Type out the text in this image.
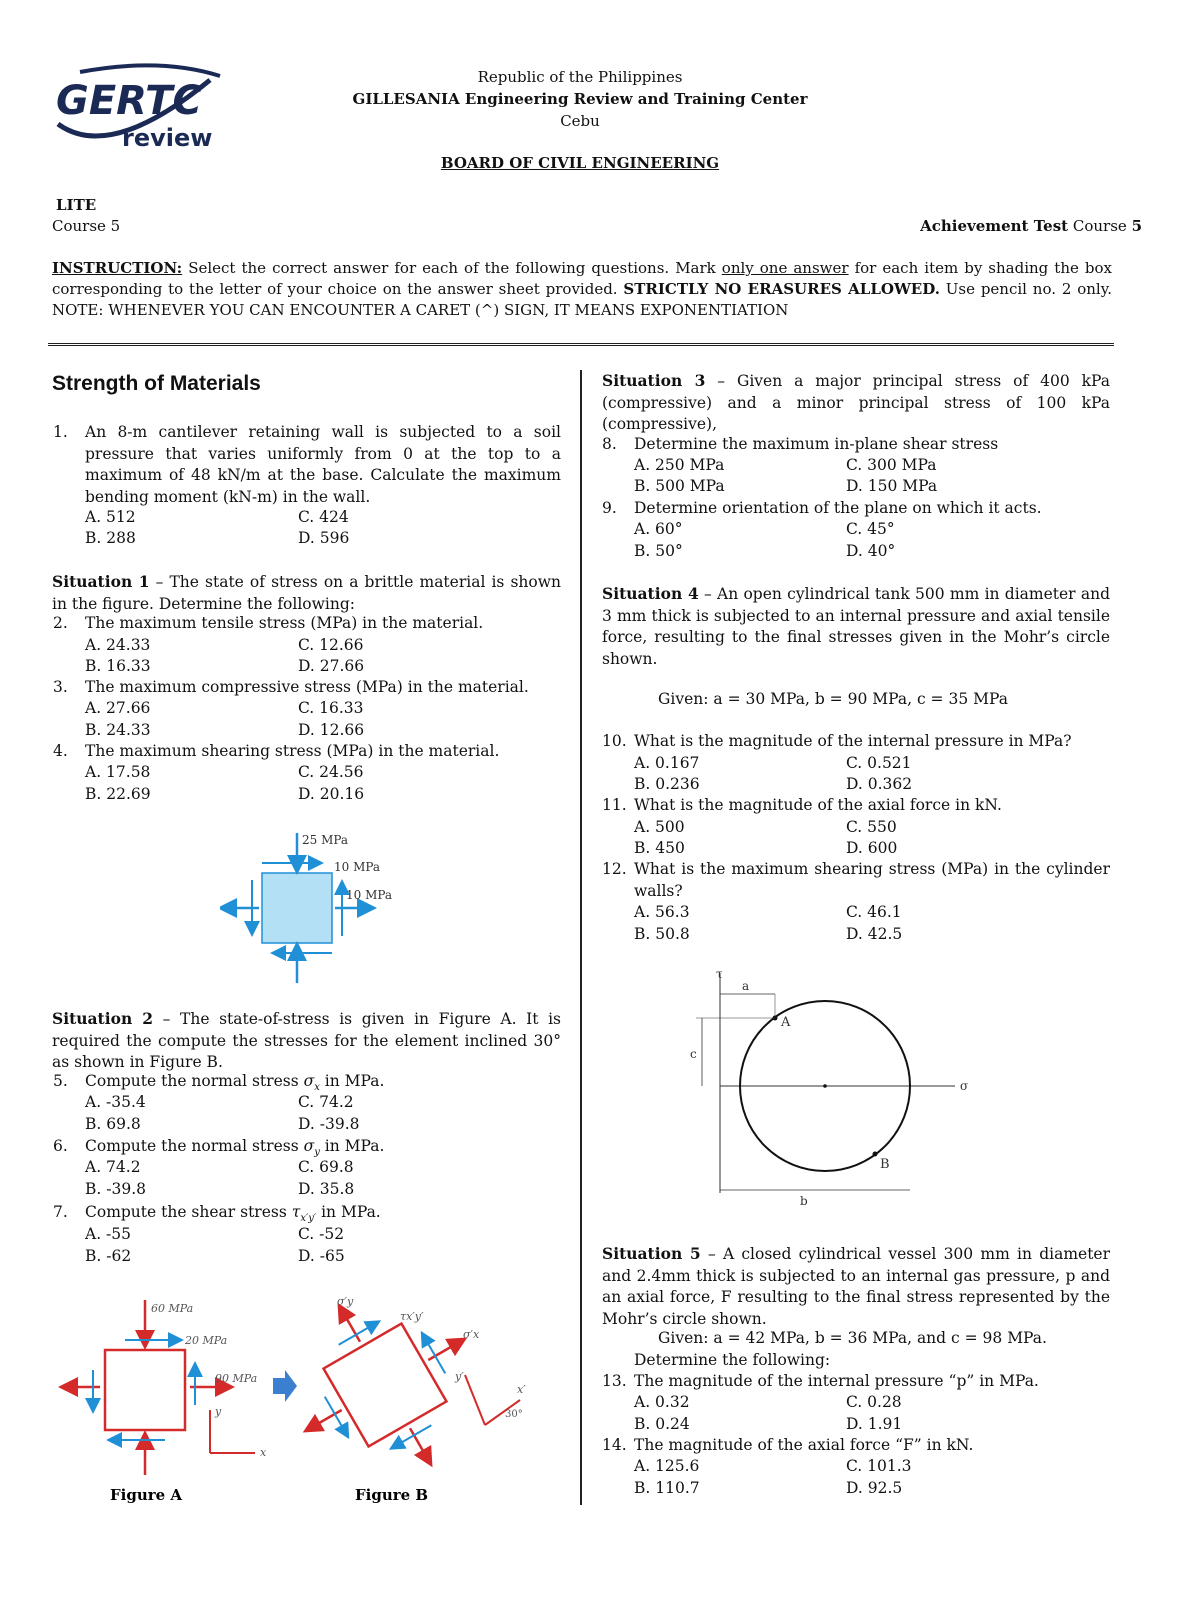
GERTC
review
Republic of the Philippines
GILLESANIA Engineering Review and Training Center
Cebu
BOARD OF CIVIL ENGINEERING
LITE
Course 5	Achievement Test Course 5
INSTRUCTION: Select the correct answer for each of the following questions. Mark only one answer for each item by shading the box corresponding to the letter of your choice on the answer sheet provided. STRICTLY NO ERASURES ALLOWED. Use pencil no. 2 only. NOTE: WHENEVER YOU CAN ENCOUNTER A CARET (^) SIGN, IT MEANS EXPONENTIATION
Strength of Materials
1. An 8-m cantilever retaining wall is subjected to a soil pressure that varies uniformly from 0 at the top to a maximum of 48 kN/m at the base. Calculate the maximum bending moment (kN-m) in the wall.
A. 512	C. 424
B. 288	D. 596
Situation 1 – The state of stress on a brittle material is shown in the figure. Determine the following:
2. The maximum tensile stress (MPa) in the material.
A. 24.33	C. 12.66
B. 16.33	D. 27.66
3. The maximum compressive stress (MPa) in the material.
A. 27.66	C. 16.33
B. 24.33	D. 12.66
4. The maximum shearing stress (MPa) in the material.
A. 17.58	C. 24.56
B. 22.69	D. 20.16
25 MPa
10 MPa
10 MPa
Situation 2 – The state-of-stress is given in Figure A. It is required the compute the stresses for the element inclined 30° as shown in Figure B.
5. Compute the normal stress $\sigma_x$ in MPa.
A. -35.4	C. 74.2
B. 69.8	D. -39.8
6. Compute the normal stress $\sigma_y$ in MPa.
A. 74.2	C. 69.8
B. -39.8	D. 35.8
7. Compute the shear stress $\tau_{x'y'}$ in MPa.
A. -55	C. -52
B. -62	D. -65
60 MPa
20 MPa
90 MPa
y
x
Figure A
σ′y
τx′y′
σ′x
y′
x′
30°
Figure B
Situation 3 – Given a major principal stress of 400 kPa (compressive) and a minor principal stress of 100 kPa (compressive),
8. Determine the maximum in-plane shear stress
A. 250 MPa	C. 300 MPa
B. 500 MPa	D. 150 MPa
9. Determine orientation of the plane on which it acts.
A. 60°	C. 45°
B. 50°	D. 40°
Situation 4 – An open cylindrical tank 500 mm in diameter and 3 mm thick is subjected to an internal pressure and axial tensile force, resulting to the final stresses given in the Mohr’s circle shown.
Given: a = 30 MPa, b = 90 MPa, c = 35 MPa
10. What is the magnitude of the internal pressure in MPa?
A. 0.167	C. 0.521
B. 0.236	D. 0.362
11. What is the magnitude of the axial force in kN.
A. 500	C. 550
B. 450	D. 600
12. What is the maximum shearing stress (MPa) in the cylinder walls?
A. 56.3	C. 46.1
B. 50.8	D. 42.5
τ
a
A
c
σ
B
b
Situation 5 – A closed cylindrical vessel 300 mm in diameter and 2.4mm thick is subjected to an internal gas pressure, p and an axial force, F resulting to the final stress represented by the Mohr’s circle shown.
Given: a = 42 MPa, b = 36 MPa, and c = 98 MPa.
Determine the following:
13. The magnitude of the internal pressure “p” in MPa.
A. 0.32	C. 0.28
B. 0.24	D. 1.91
14. The magnitude of the axial force “F” in kN.
A. 125.6	C. 101.3
B. 110.7	D. 92.5
